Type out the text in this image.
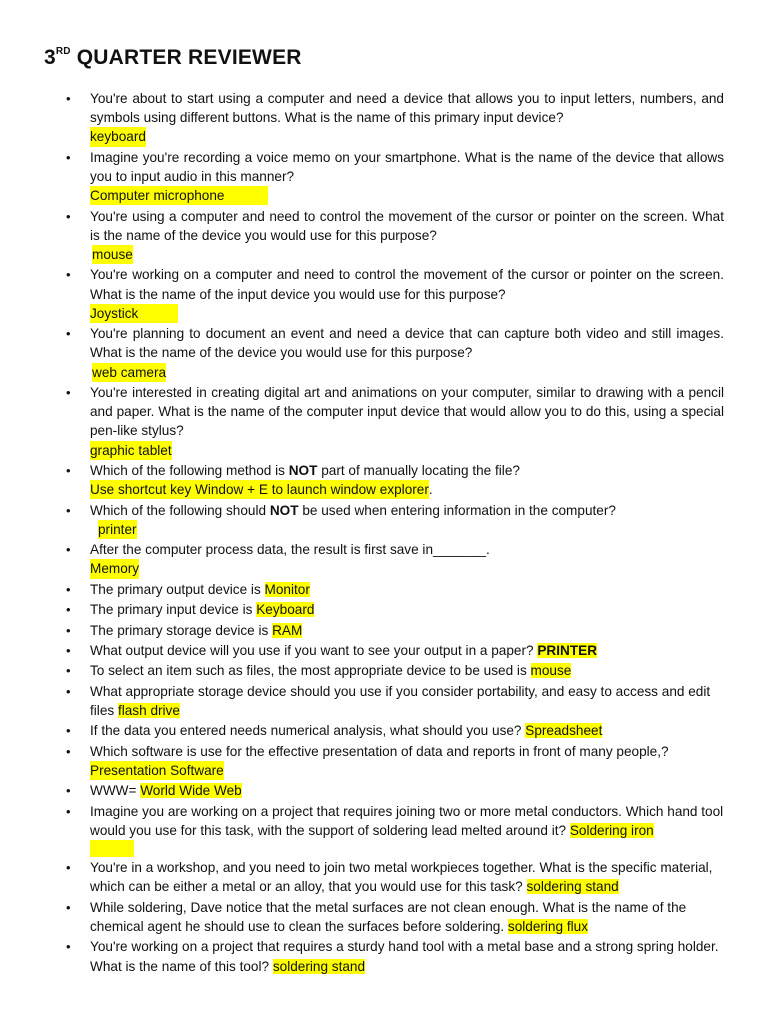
3RD QUARTER REVIEWER
• You're about to start using a computer and need a device that allows you to input letters, numbers, and symbols using different buttons. What is the name of this primary input device?
keyboard
• Imagine you're recording a voice memo on your smartphone. What is the name of the device that allows you to input audio in this manner?
Computer microphone
• You're using a computer and need to control the movement of the cursor or pointer on the screen. What is the name of the device you would use for this purpose?
mouse
• You're working on a computer and need to control the movement of the cursor or pointer on the screen. What is the name of the input device you would use for this purpose?
Joystick
• You're planning to document an event and need a device that can capture both video and still images. What is the name of the device you would use for this purpose?
web camera
• You're interested in creating digital art and animations on your computer, similar to drawing with a pencil and paper. What is the name of the computer input device that would allow you to do this, using a special pen-like stylus?
graphic tablet
• Which of the following method is NOT part of manually locating the file?
Use shortcut key Window + E to launch window explorer.
• Which of the following should NOT be used when entering information in the computer?
printer
• After the computer process data, the result is first save in_______.
Memory
• The primary output device is Monitor
• The primary input device is Keyboard
• The primary storage device is RAM
• What output device will you use if you want to see your output in a paper? PRINTER
• To select an item such as files, the most appropriate device to be used is mouse
• What appropriate storage device should you use if you consider portability, and easy to access and edit files flash drive
• If the data you entered needs numerical analysis, what should you use? Spreadsheet
• Which software is use for the effective presentation of data and reports in front of many people,?
Presentation Software
• WWW= World Wide Web
• Imagine you are working on a project that requires joining two or more metal conductors. Which hand tool would you use for this task, with the support of soldering lead melted around it? Soldering iron
• You're in a workshop, and you need to join two metal workpieces together. What is the specific material, which can be either a metal or an alloy, that you would use for this task? soldering stand
• While soldering, Dave notice that the metal surfaces are not clean enough. What is the name of the chemical agent he should use to clean the surfaces before soldering. soldering flux
• You're working on a project that requires a sturdy hand tool with a metal base and a strong spring holder. What is the name of this tool? soldering stand
